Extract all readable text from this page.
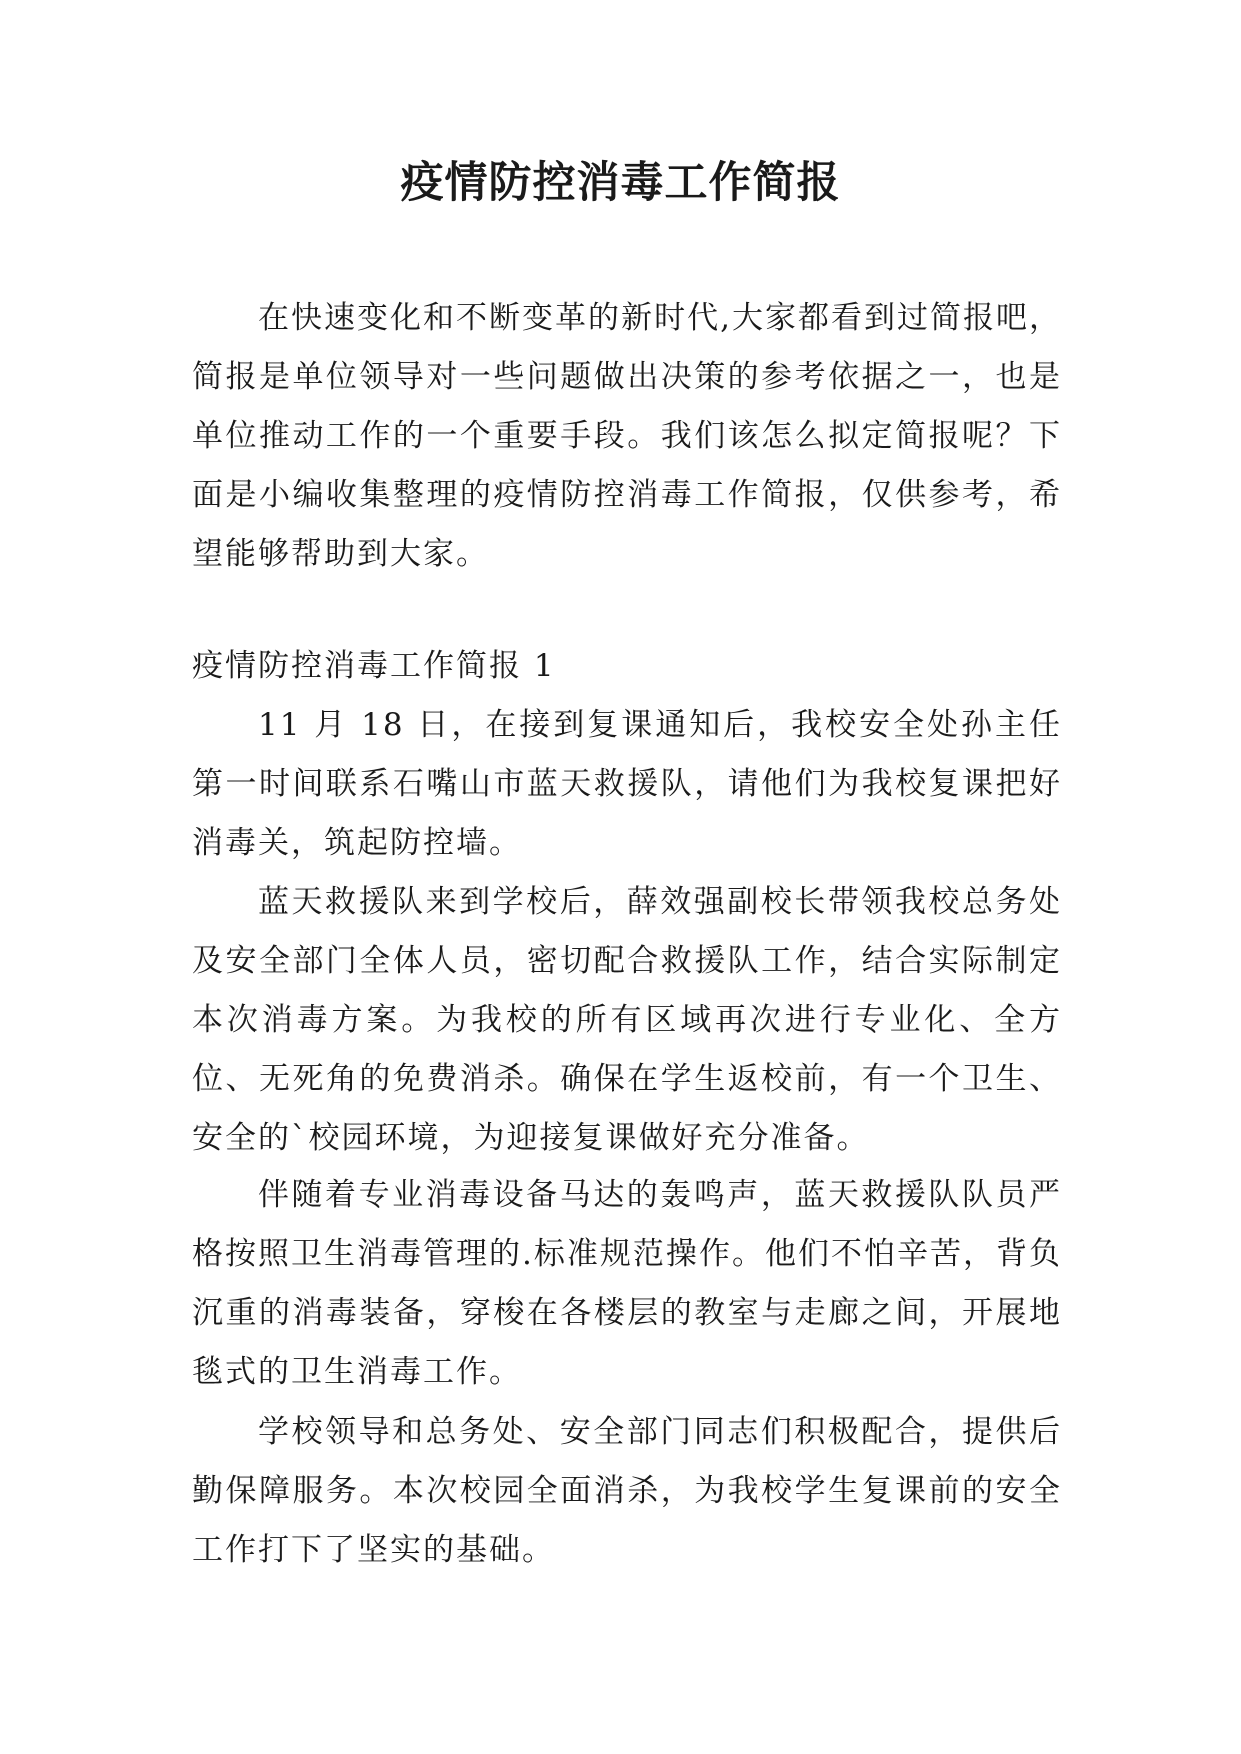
疫情防控消毒工作简报

在快速变化和不断变革的新时代,大家都看到过简报吧，简报是单位领导对一些问题做出决策的参考依据之一，也是单位推动工作的一个重要手段。我们该怎么拟定简报呢？下面是小编收集整理的疫情防控消毒工作简报，仅供参考，希望能够帮助到大家。

疫情防控消毒工作简报 1

11 月 18 日，在接到复课通知后，我校安全处孙主任第一时间联系石嘴山市蓝天救援队，请他们为我校复课把好消毒关，筑起防控墙。

蓝天救援队来到学校后，薛效强副校长带领我校总务处及安全部门全体人员，密切配合救援队工作，结合实际制定本次消毒方案。为我校的所有区域再次进行专业化、全方位、无死角的免费消杀。确保在学生返校前，有一个卫生、安全的`校园环境，为迎接复课做好充分准备。

伴随着专业消毒设备马达的轰鸣声，蓝天救援队队员严格按照卫生消毒管理的.标准规范操作。他们不怕辛苦，背负沉重的消毒装备，穿梭在各楼层的教室与走廊之间，开展地毯式的卫生消毒工作。

学校领导和总务处、安全部门同志们积极配合，提供后勤保障服务。本次校园全面消杀，为我校学生复课前的安全工作打下了坚实的基础。
